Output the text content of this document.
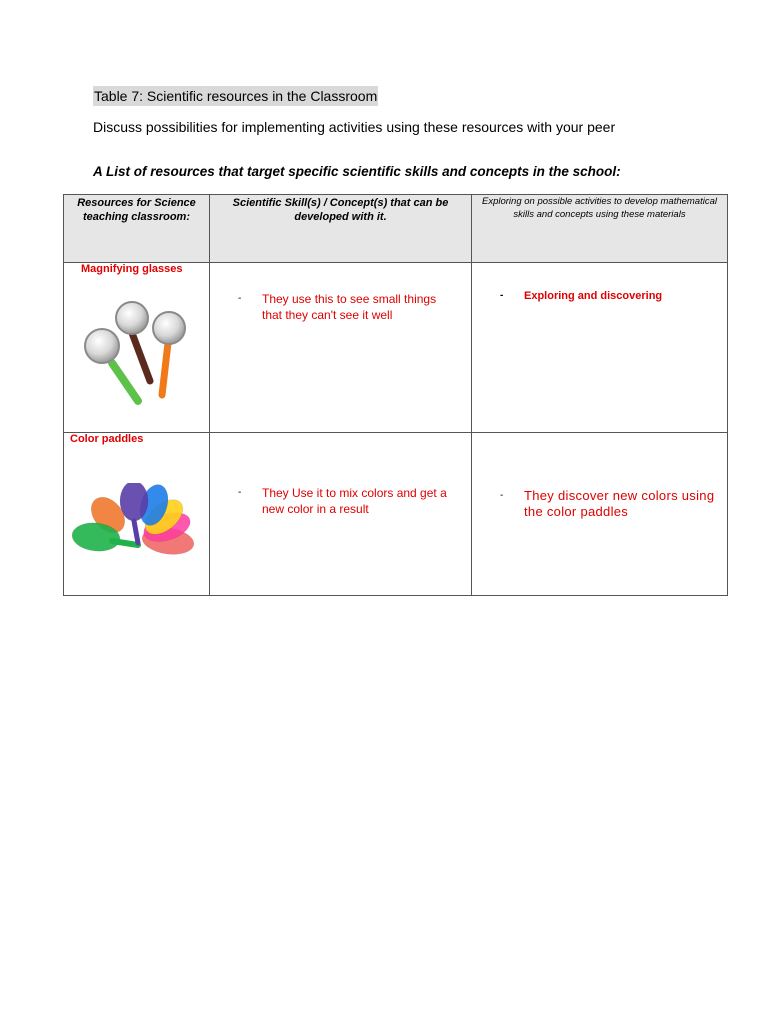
Table 7: Scientific resources in the Classroom
Discuss possibilities for implementing activities using these resources with your peer
A List of resources that target specific scientific skills and concepts in the school:
Resources for Science teaching classroom:	Scientific Skill(s) / Concept(s) that can be developed with it.	Exploring on possible activities to develop mathematical skills and concepts using these materials

Magnifying glasses	- They use this to see small things that they can't see it well	- Exploring and discovering

Color paddles	- They Use it to mix colors and get a new color in a result	- They discover new colors using the color paddles
